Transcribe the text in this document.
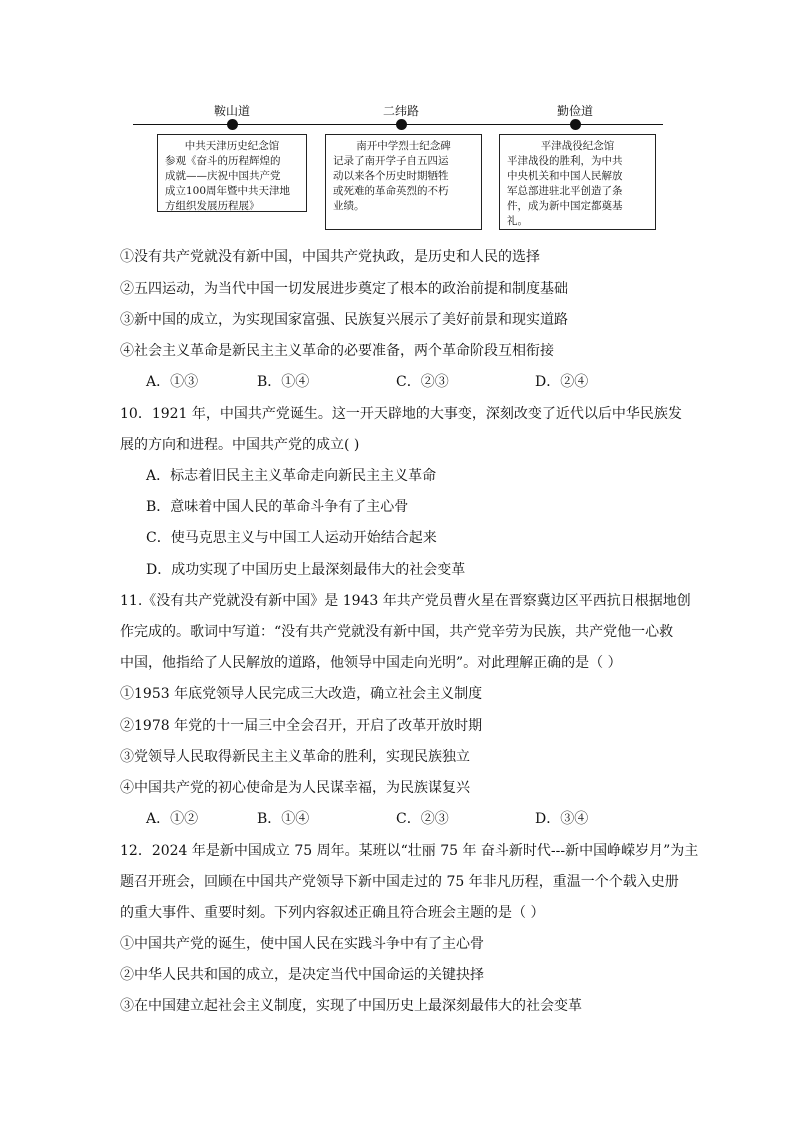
鞍山道
中共天津历史纪念馆
参观《奋斗的历程辉煌的
成就——庆祝中国共产党
成立100周年暨中共天津地
方组织发展历程展》
二纬路
南开中学烈士纪念碑
记录了南开学子自五四运
动以来各个历史时期牺牲
或死难的革命英烈的不朽
业绩。
勤俭道
平津战役纪念馆
平津战役的胜利，为中共
中央机关和中国人民解放
军总部进驻北平创造了条
件，成为新中国定都奠基
礼。
①没有共产党就没有新中国，中国共产党执政，是历史和人民的选择
②五四运动，为当代中国一切发展进步奠定了根本的政治前提和制度基础
③新中国的成立，为实现国家富强、民族复兴展示了美好前景和现实道路
④社会主义革命是新民主主义革命的必要准备，两个革命阶段互相衔接
A．①③	B．①④	C．②③	D．②④
10．1921 年，中国共产党诞生。这一开天辟地的大事变，深刻改变了近代以后中华民族发
展的方向和进程。中国共产党的成立( )
A．标志着旧民主主义革命走向新民主主义革命
B．意味着中国人民的革命斗争有了主心骨
C．使马克思主义与中国工人运动开始结合起来
D．成功实现了中国历史上最深刻最伟大的社会变革
11.《没有共产党就没有新中国》是 1943 年共产党员曹火星在晋察冀边区平西抗日根据地创
作完成的。歌词中写道：“没有共产党就没有新中国，共产党辛劳为民族，共产党他一心救
中国，他指给了人民解放的道路，他领导中国走向光明”。对此理解正确的是（ ）
①1953 年底党领导人民完成三大改造，确立社会主义制度
②1978 年党的十一届三中全会召开，开启了改革开放时期
③党领导人民取得新民主主义革命的胜利，实现民族独立
④中国共产党的初心使命是为人民谋幸福，为民族谋复兴
A．①②	B．①④	C．②③	D．③④
12．2024 年是新中国成立 75 周年。某班以“壮丽 75 年 奋斗新时代---新中国峥嵘岁月”为主
题召开班会，回顾在中国共产党领导下新中国走过的 75 年非凡历程，重温一个个载入史册
的重大事件、重要时刻。下列内容叙述正确且符合班会主题的是（ ）
①中国共产党的诞生，使中国人民在实践斗争中有了主心骨
②中华人民共和国的成立，是决定当代中国命运的关键抉择
③在中国建立起社会主义制度，实现了中国历史上最深刻最伟大的社会变革
